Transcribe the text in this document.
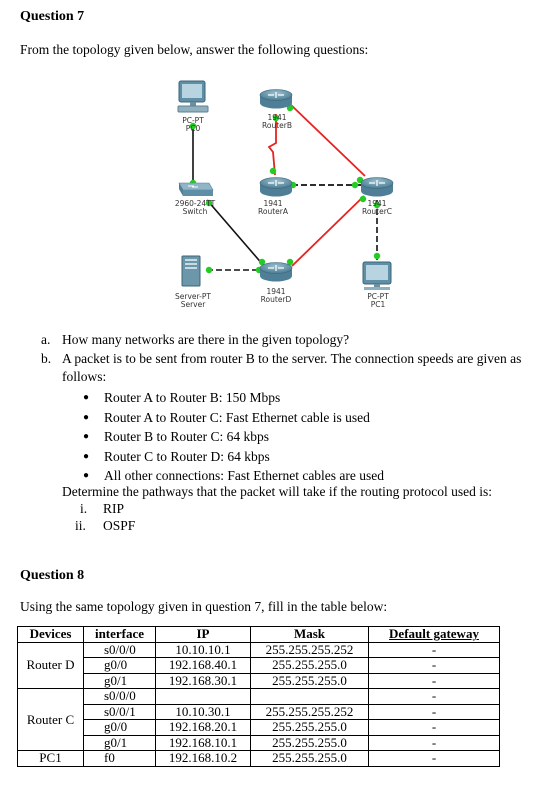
Question 7
From the topology given below, answer the following questions:
PC-PT
PC0
1941
RouterB
2960-24TT
Switch
1941
RouterA
1941
RouterC
Server-PT
Server
1941
RouterD	PC-PT
PC1
a. How many networks are there in the given topology?
b. A packet is to be sent from router B to the server. The connection speeds are given as
follows:
● Router A to Router B: 150 Mbps
● Router A to Router C: Fast Ethernet cable is used
● Router B to Router C: 64 kbps
● Router C to Router D: 64 kbps
● All other connections: Fast Ethernet cables are used
Determine the pathways that the packet will take if the routing protocol used is:
i. RIP
ii. OSPF
Question 8
Using the same topology given in question 7, fill in the table below:
Devices	interface	IP	Mask	Default gateway
Router D	s0/0/0	10.10.10.1	255.255.255.252	-
	g0/0	192.168.40.1	255.255.255.0	-
	g0/1	192.168.30.1	255.255.255.0	-
Router C	s0/0/0			-
	s0/0/1	10.10.30.1	255.255.255.252	-
	g0/0	192.168.20.1	255.255.255.0	-
	g0/1	192.168.10.1	255.255.255.0	-
PC1	f0	192.168.10.2	255.255.255.0	-
